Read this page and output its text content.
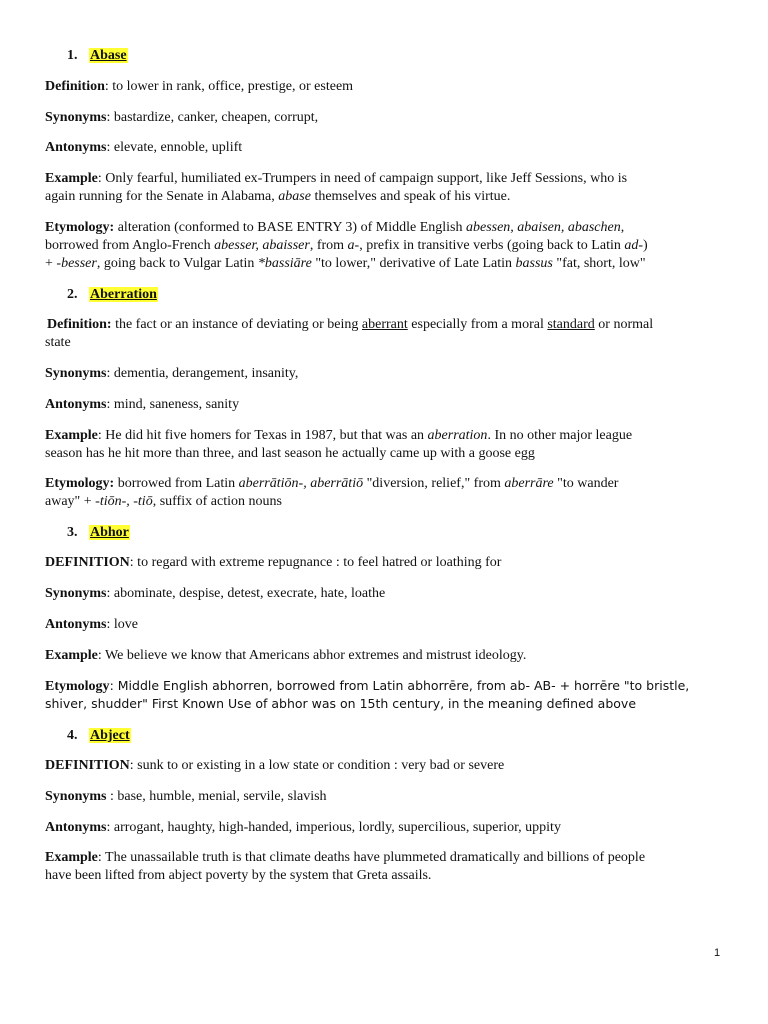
1. Abase
Definition: to lower in rank, office, prestige, or esteem
Synonyms: bastardize, canker, cheapen, corrupt,
Antonyms: elevate, ennoble, uplift
Example: Only fearful, humiliated ex-Trumpers in need of campaign support, like Jeff Sessions, who is
again running for the Senate in Alabama, abase themselves and speak of his virtue.
Etymology: alteration (conformed to BASE ENTRY 3) of Middle English abessen, abaisen, abaschen,
borrowed from Anglo-French abesser, abaisser, from a-, prefix in transitive verbs (going back to Latin ad-)
+ -besser, going back to Vulgar Latin *bassiāre "to lower," derivative of Late Latin bassus "fat, short, low"
2. Aberration
Definition: the fact or an instance of deviating or being aberrant especially from a moral standard or normal
state
Synonyms: dementia, derangement, insanity,
Antonyms: mind, saneness, sanity
Example: He did hit five homers for Texas in 1987, but that was an aberration. In no other major league
season has he hit more than three, and last season he actually came up with a goose egg
Etymology: borrowed from Latin aberrātiōn-, aberrātiō "diversion, relief," from aberrāre "to wander
away" + -tiōn-, -tiō, suffix of action nouns
3. Abhor
DEFINITION: to regard with extreme repugnance : to feel hatred or loathing for
Synonyms: abominate, despise, detest, execrate, hate, loathe
Antonyms: love
Example: We believe we know that Americans abhor extremes and mistrust ideology.
Etymology: Middle English abhorren, borrowed from Latin abhorrēre, from ab- AB- + horrēre "to bristle,
shiver, shudder" First Known Use of abhor was on 15th century, in the meaning defined above
4. Abject
DEFINITION: sunk to or existing in a low state or condition : very bad or severe
Synonyms : base, humble, menial, servile, slavish
Antonyms: arrogant, haughty, high-handed, imperious, lordly, supercilious, superior, uppity
Example: The unassailable truth is that climate deaths have plummeted dramatically and billions of people
have been lifted from abject poverty by the system that Greta assails.
1
